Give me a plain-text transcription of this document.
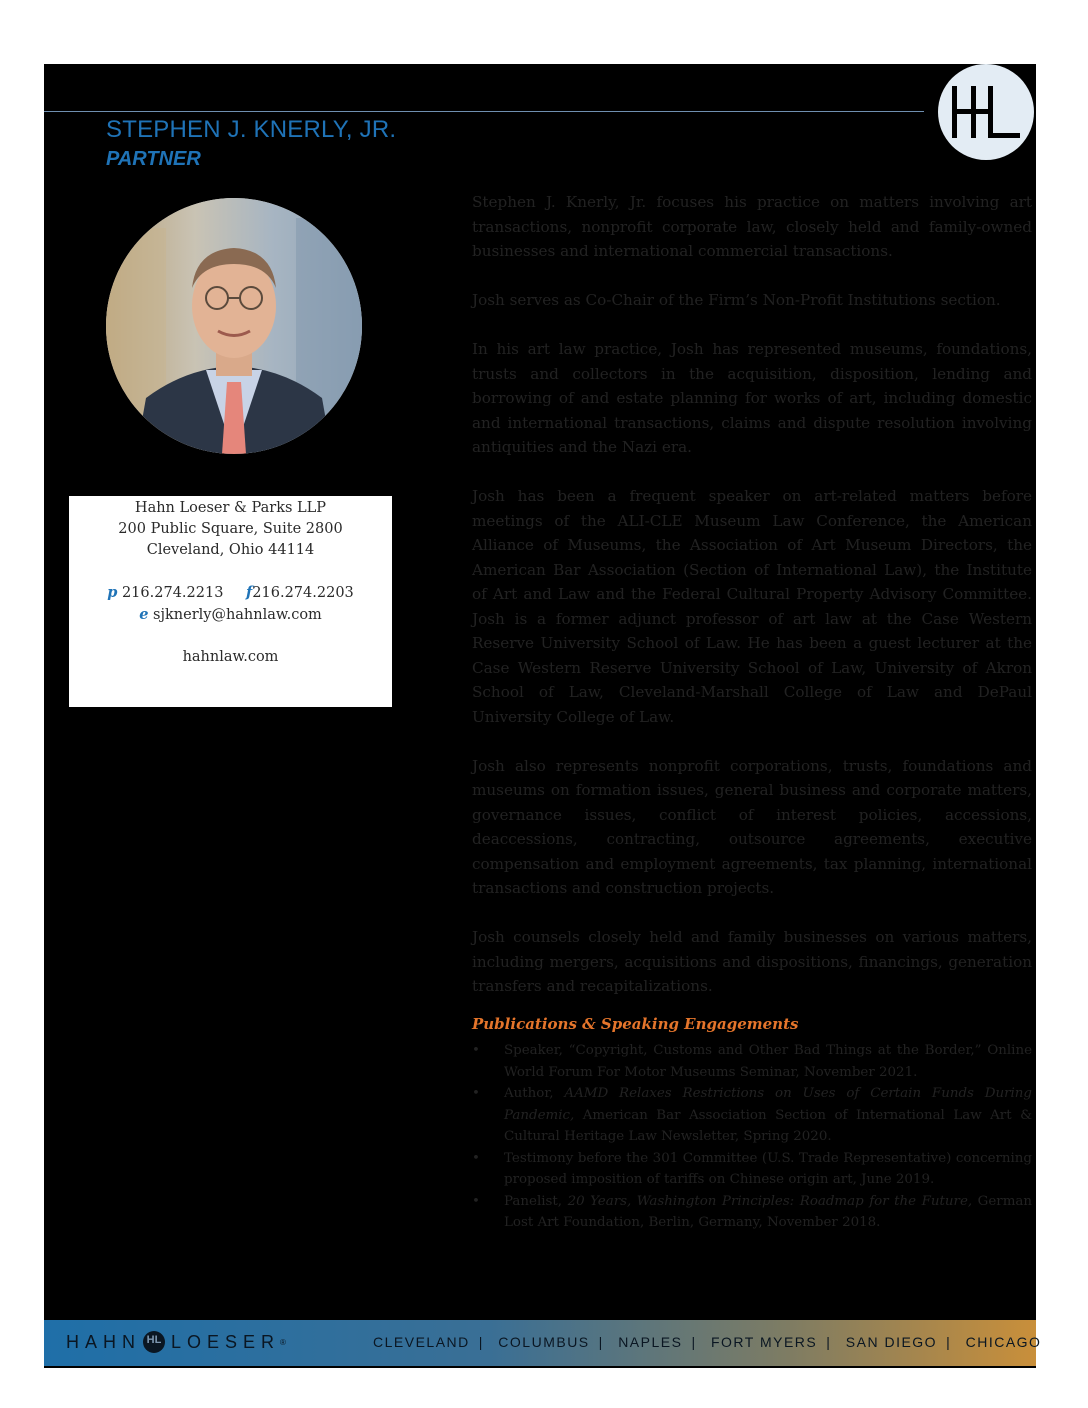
STEPHEN J. KNERLY, JR.
PARTNER
Hahn Loeser & Parks LLP
200 Public Square, Suite 2800
Cleveland, Ohio 44114
p 216.274.2213 f216.274.2203
e sjknerly@hahnlaw.com
hahnlaw.com

Stephen J. Knerly, Jr. focuses his practice on matters involving art transactions, nonprofit corporate law, closely held and family-owned businesses and international commercial transactions.

Josh serves as Co-Chair of the Firm’s Non-Profit Institutions section.

In his art law practice, Josh has represented museums, foundations, trusts and collectors in the acquisition, disposition, lending and borrowing of and estate planning for works of art, including domestic and international transactions, claims and dispute resolution involving antiquities and the Nazi era.

Josh has been a frequent speaker on art-related matters before meetings of the ALI-CLE Museum Law Conference, the American Alliance of Museums, the Association of Art Museum Directors, the American Bar Association (Section of International Law), the Institute of Art and Law and the Federal Cultural Property Advisory Committee. Josh is a former adjunct professor of art law at the Case Western Reserve University School of Law. He has been a guest lecturer at the Case Western Reserve University School of Law, University of Akron School of Law, Cleveland-Marshall College of Law and DePaul University College of Law.

Josh also represents nonprofit corporations, trusts, foundations and museums on formation issues, general business and corporate matters, governance issues, conflict of interest policies, accessions, deaccessions, contracting, outsource agreements, executive compensation and employment agreements, tax planning, international transactions and construction projects.

Josh counsels closely held and family businesses on various matters, including mergers, acquisitions and dispositions, financings, generation transfers and recapitalizations.

Publications & Speaking Engagements
• Speaker, “Copyright, Customs and Other Bad Things at the Border,” Online World Forum For Motor Museums Seminar, November 2021.
• Author, AAMD Relaxes Restrictions on Uses of Certain Funds During Pandemic, American Bar Association Section of International Law Art & Cultural Heritage Law Newsletter, Spring 2020.
• Testimony before the 301 Committee (U.S. Trade Representative) concerning proposed imposition of tariffs on Chinese origin art, June 2019.
• Panelist, 20 Years, Washington Principles: Roadmap for the Future, German Lost Art Foundation, Berlin, Germany, November 2018.
HAHN HL LOESER ®	CLEVELAND | COLUMBUS | NAPLES | FORT MYERS | SAN DIEGO | CHICAGO
